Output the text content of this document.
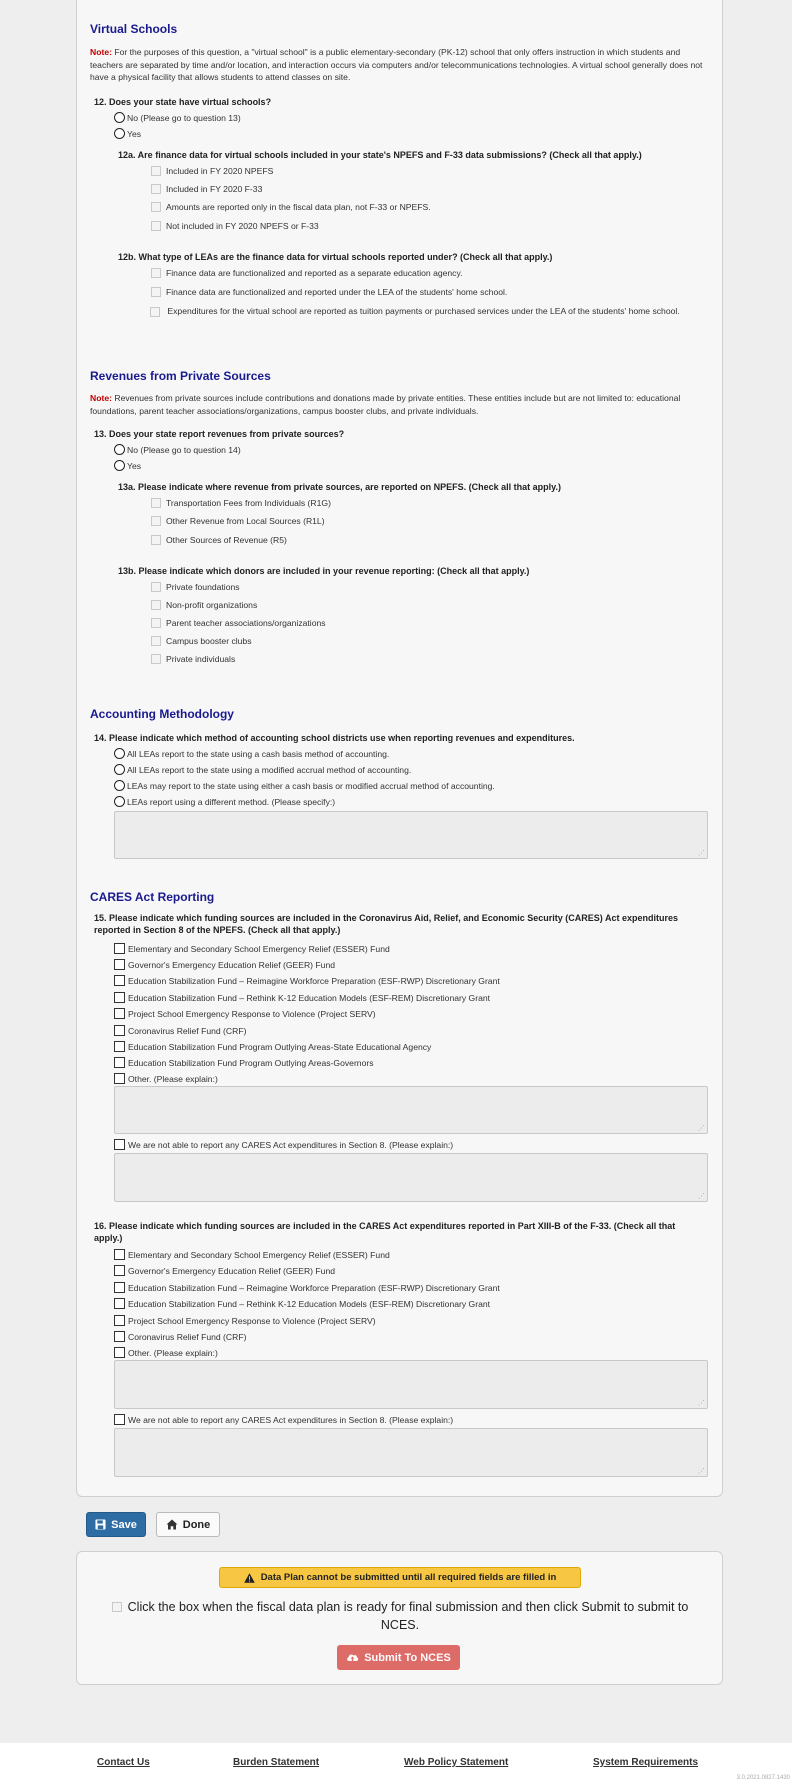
Virtual Schools
Note: For the purposes of this question, a "virtual school" is a public elementary-secondary (PK-12) school that only offers instruction in which students and teachers are separated by time and/or location, and interaction occurs via computers and/or telecommunications technologies. A virtual school generally does not have a physical facility that allows students to attend classes on site.
12. Does your state have virtual schools?
No (Please go to question 13)
Yes
12a. Are finance data for virtual schools included in your state's NPEFS and F-33 data submissions? (Check all that apply.)
Included in FY 2020 NPEFS
Included in FY 2020 F-33
Amounts are reported only in the fiscal data plan, not F-33 or NPEFS.
Not included in FY 2020 NPEFS or F-33
12b. What type of LEAs are the finance data for virtual schools reported under? (Check all that apply.)
Finance data are functionalized and reported as a separate education agency.
Finance data are functionalized and reported under the LEA of the students' home school.
Expenditures for the virtual school are reported as tuition payments or purchased services under the LEA of the students' home school.
Revenues from Private Sources
Note: Revenues from private sources include contributions and donations made by private entities. These entities include but are not limited to: educational foundations, parent teacher associations/organizations, campus booster clubs, and private individuals.
13. Does your state report revenues from private sources?
No (Please go to question 14)
Yes
13a. Please indicate where revenue from private sources, are reported on NPEFS. (Check all that apply.)
Transportation Fees from Individuals (R1G)
Other Revenue from Local Sources (R1L)
Other Sources of Revenue (R5)
13b. Please indicate which donors are included in your revenue reporting: (Check all that apply.)
Private foundations
Non-profit organizations
Parent teacher associations/organizations
Campus booster clubs
Private individuals
Accounting Methodology
14. Please indicate which method of accounting school districts use when reporting revenues and expenditures.
All LEAs report to the state using a cash basis method of accounting.
All LEAs report to the state using a modified accrual method of accounting.
LEAs may report to the state using either a cash basis or modified accrual method of accounting.
LEAs report using a different method. (Please specify:)
⋰
CARES Act Reporting
15. Please indicate which funding sources are included in the Coronavirus Aid, Relief, and Economic Security (CARES) Act expenditures reported in Section 8 of the NPEFS. (Check all that apply.)
Elementary and Secondary School Emergency Relief (ESSER) Fund
Governor's Emergency Education Relief (GEER) Fund
Education Stabilization Fund – Reimagine Workforce Preparation (ESF-RWP) Discretionary Grant
Education Stabilization Fund – Rethink K-12 Education Models (ESF-REM) Discretionary Grant
Project School Emergency Response to Violence (Project SERV)
Coronavirus Relief Fund (CRF)
Education Stabilization Fund Program Outlying Areas-State Educational Agency
Education Stabilization Fund Program Outlying Areas-Governors
Other. (Please explain:)
⋰
We are not able to report any CARES Act expenditures in Section 8. (Please explain:)
⋰
16. Please indicate which funding sources are included in the CARES Act expenditures reported in Part XIII-B of the F-33. (Check all that apply.)
Elementary and Secondary School Emergency Relief (ESSER) Fund
Governor's Emergency Education Relief (GEER) Fund
Education Stabilization Fund – Reimagine Workforce Preparation (ESF-RWP) Discretionary Grant
Education Stabilization Fund – Rethink K-12 Education Models (ESF-REM) Discretionary Grant
Project School Emergency Response to Violence (Project SERV)
Coronavirus Relief Fund (CRF)
Other. (Please explain:)
⋰
We are not able to report any CARES Act expenditures in Section 8. (Please explain:)
⋰
Save	Done
Data Plan cannot be submitted until all required fields are filled in
Click the box when the fiscal data plan is ready for final submission and then click Submit to submit to NCES.
Submit To NCES
Contact Us	Burden Statement	Web Policy Statement	System Requirements
3.0.2021.0827.1430
